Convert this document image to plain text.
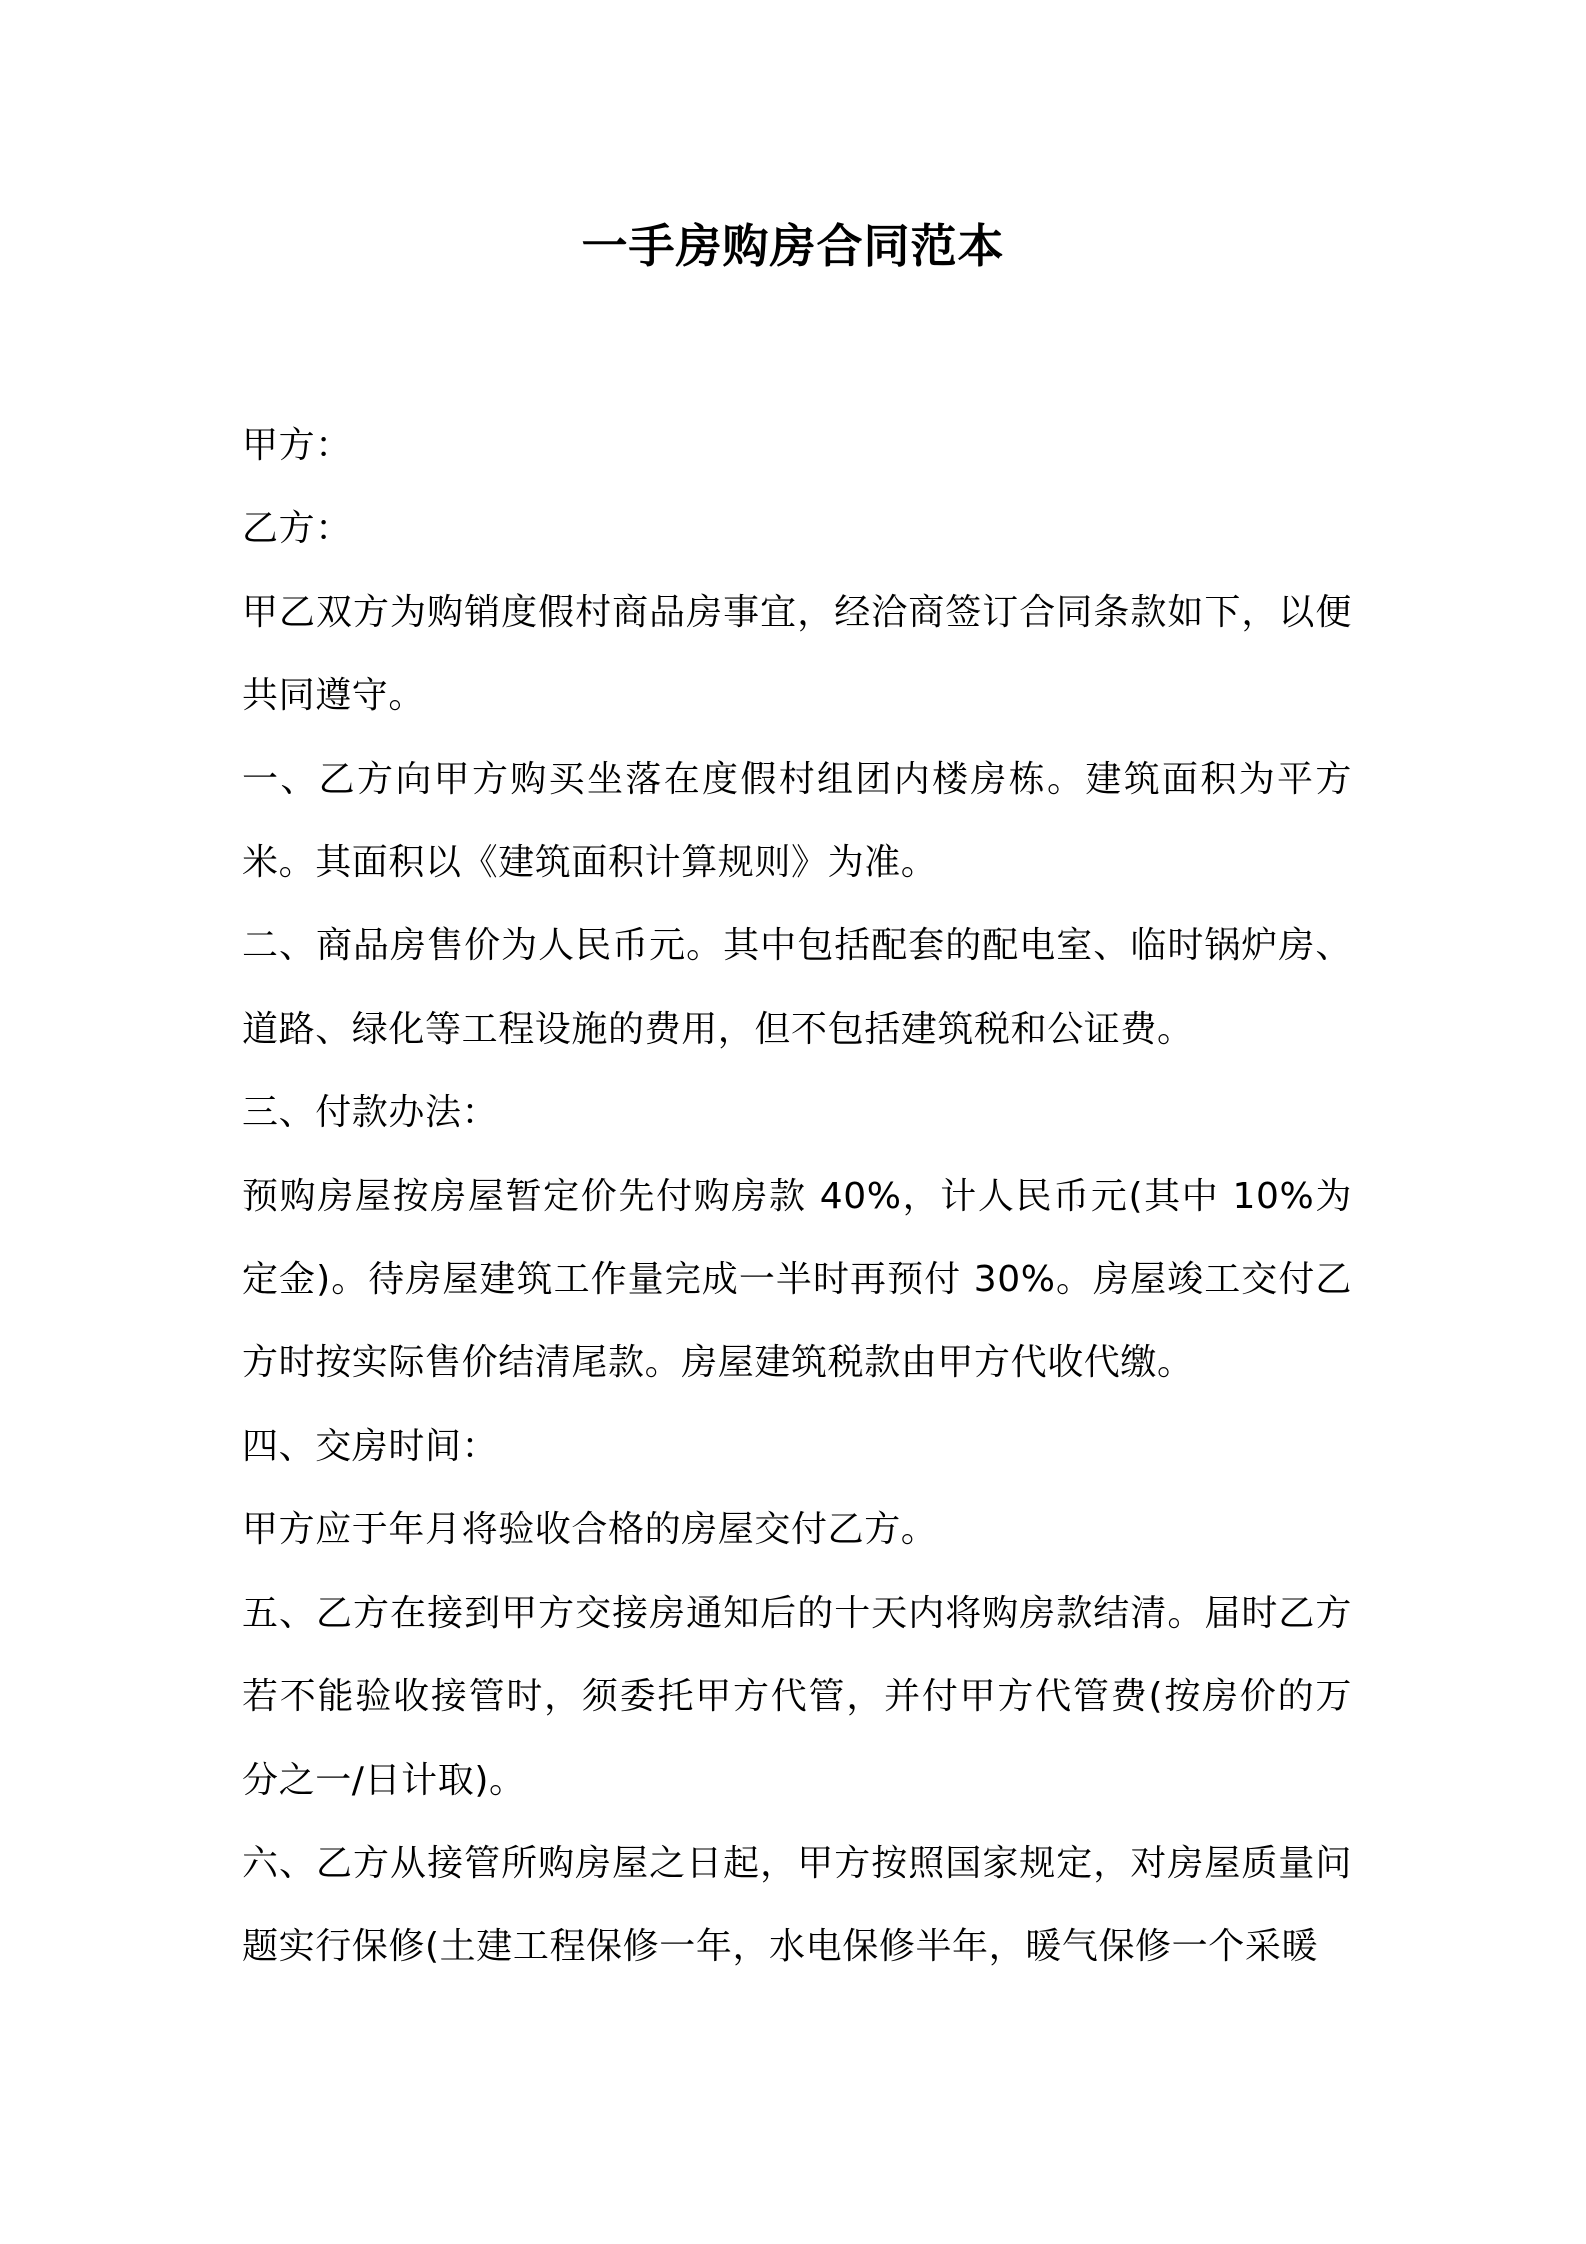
一手房购房合同范本

甲方：

乙方：

甲乙双方为购销度假村商品房事宜，经洽商签订合同条款如下，以便共同遵守。

一、乙方向甲方购买坐落在度假村组团内楼房栋。建筑面积为平方米。其面积以《建筑面积计算规则》为准。

二、商品房售价为人民币元。其中包括配套的配电室、临时锅炉房、道路、绿化等工程设施的费用，但不包括建筑税和公证费。

三、付款办法：

预购房屋按房屋暂定价先付购房款 40%，计人民币元(其中 10%为定金)。待房屋建筑工作量完成一半时再预付 30%。房屋竣工交付乙方时按实际售价结清尾款。房屋建筑税款由甲方代收代缴。

四、交房时间：

甲方应于年月将验收合格的房屋交付乙方。

五、乙方在接到甲方交接房通知后的十天内将购房款结清。届时乙方若不能验收接管时，须委托甲方代管，并付甲方代管费(按房价的万分之一/日计取)。

六、乙方从接管所购房屋之日起，甲方按照国家规定，对房屋质量问题实行保修(土建工程保修一年，水电保修半年，暖气保修一个采暖
